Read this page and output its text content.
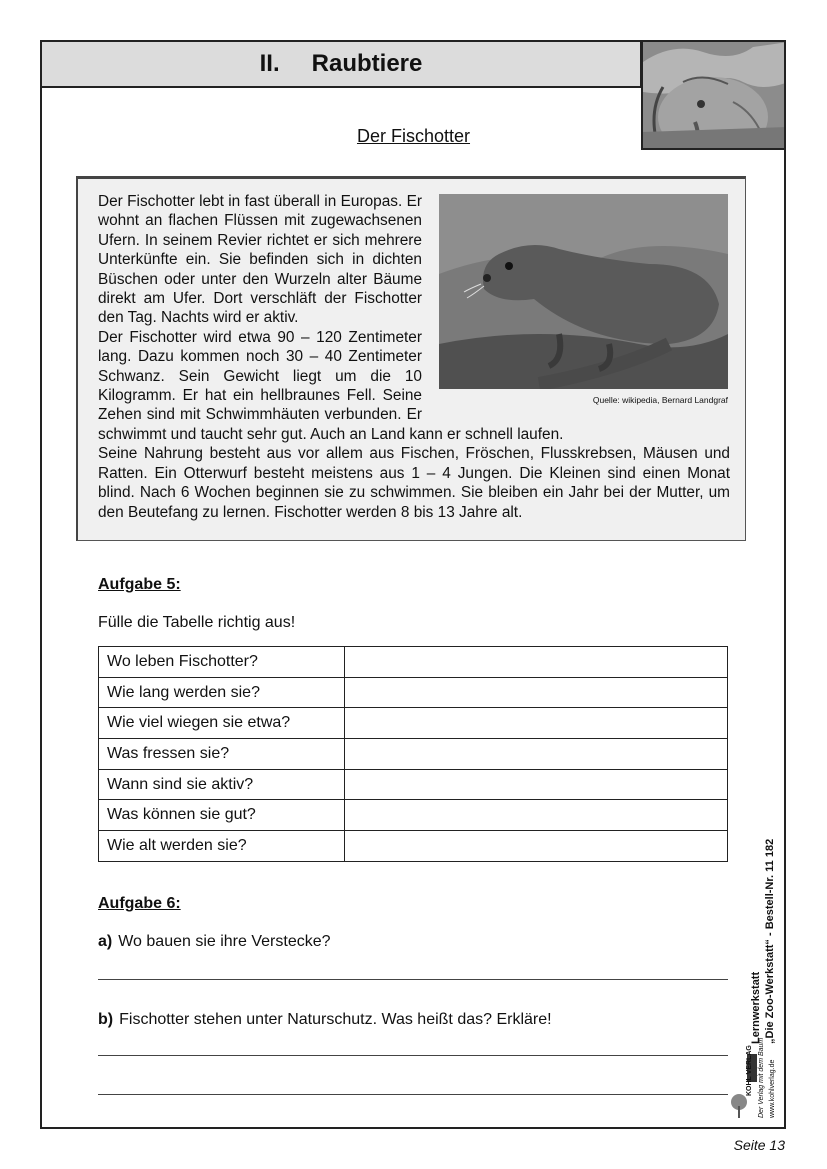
II. Raubtiere
Der Fischotter
Quelle: wikipedia, Bernard Landgraf

Der Fischotter lebt in fast überall in Europas. Er wohnt an flachen Flüssen mit zugewachsenen Ufern. In seinem Revier richtet er sich mehrere Unterkünfte ein. Sie befinden sich in dichten Büschen oder unter den Wurzeln alter Bäume direkt am Ufer. Dort verschläft der Fischotter den Tag. Nachts wird er aktiv.

Der Fischotter wird etwa 90 – 120 Zentimeter lang. Dazu kommen noch 30 – 40 Zentimeter Schwanz. Sein Gewicht liegt um die 10 Kilogramm. Er hat ein hellbraunes Fell. Seine Zehen sind mit Schwimmhäuten verbunden. Er schwimmt und taucht sehr gut. Auch an Land kann er schnell laufen.

Seine Nahrung besteht aus vor allem aus Fischen, Fröschen, Flusskrebsen, Mäusen und Ratten. Ein Otterwurf besteht meistens aus 1 – 4 Jungen. Die Kleinen sind einen Monat blind. Nach 6 Wochen beginnen sie zu schwimmen. Sie bleiben ein Jahr bei der Mutter, um den Beutefang zu lernen. Fischotter werden 8 bis 13 Jahre alt.

Aufgabe 5:
Fülle die Tabelle richtig aus!
Wo leben Fischotter?	
Wie lang werden sie?	
Wie viel wiegen sie etwa?	
Was fressen sie?	
Wann sind sie aktiv?	
Was können sie gut?	
Wie alt werden sie?	
Aufgabe 6:
a) Wo bauen sie ihre Verstecke?
b) Fischotter stehen unter Naturschutz. Was heißt das? Erkläre!	Lernwerkstatt „Die Zoo-Werkstatt“ - Bestell-Nr. 11 182
KOHL VERLAG Der Verlag mit dem Baum www.kohlverlag.de
Seite 13
